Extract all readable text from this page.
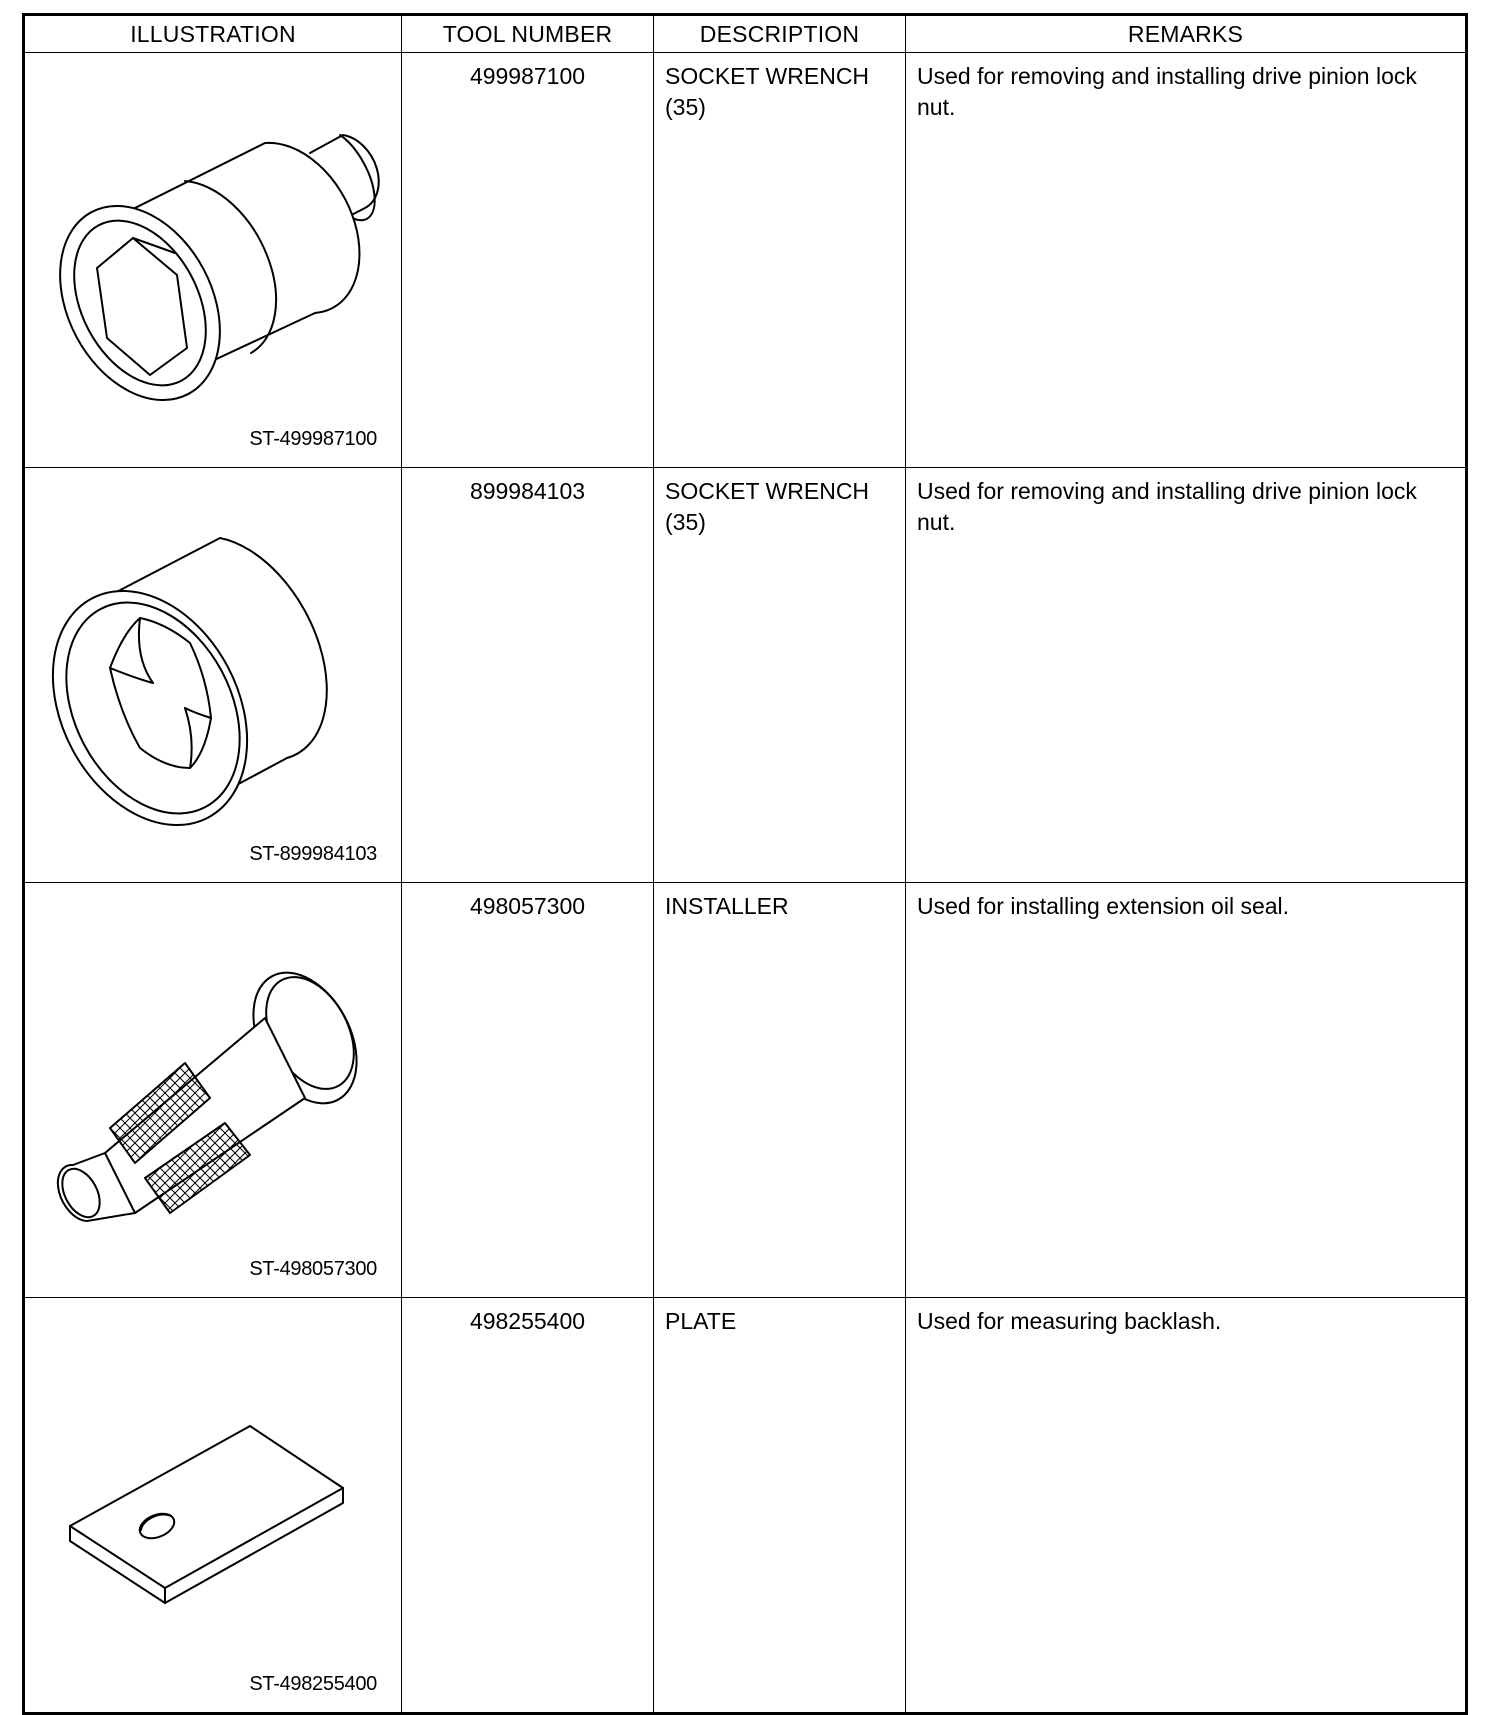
ILLUSTRATION	TOOL NUMBER	DESCRIPTION	REMARKS

ST-499987100	499987100	SOCKET WRENCH (35)	Used for removing and installing drive pinion lock nut.

ST-899984103	899984103	SOCKET WRENCH (35)	Used for removing and installing drive pinion lock nut.

ST-498057300	498057300	INSTALLER	Used for installing extension oil seal.

ST-498255400	498255400	PLATE	Used for measuring backlash.
